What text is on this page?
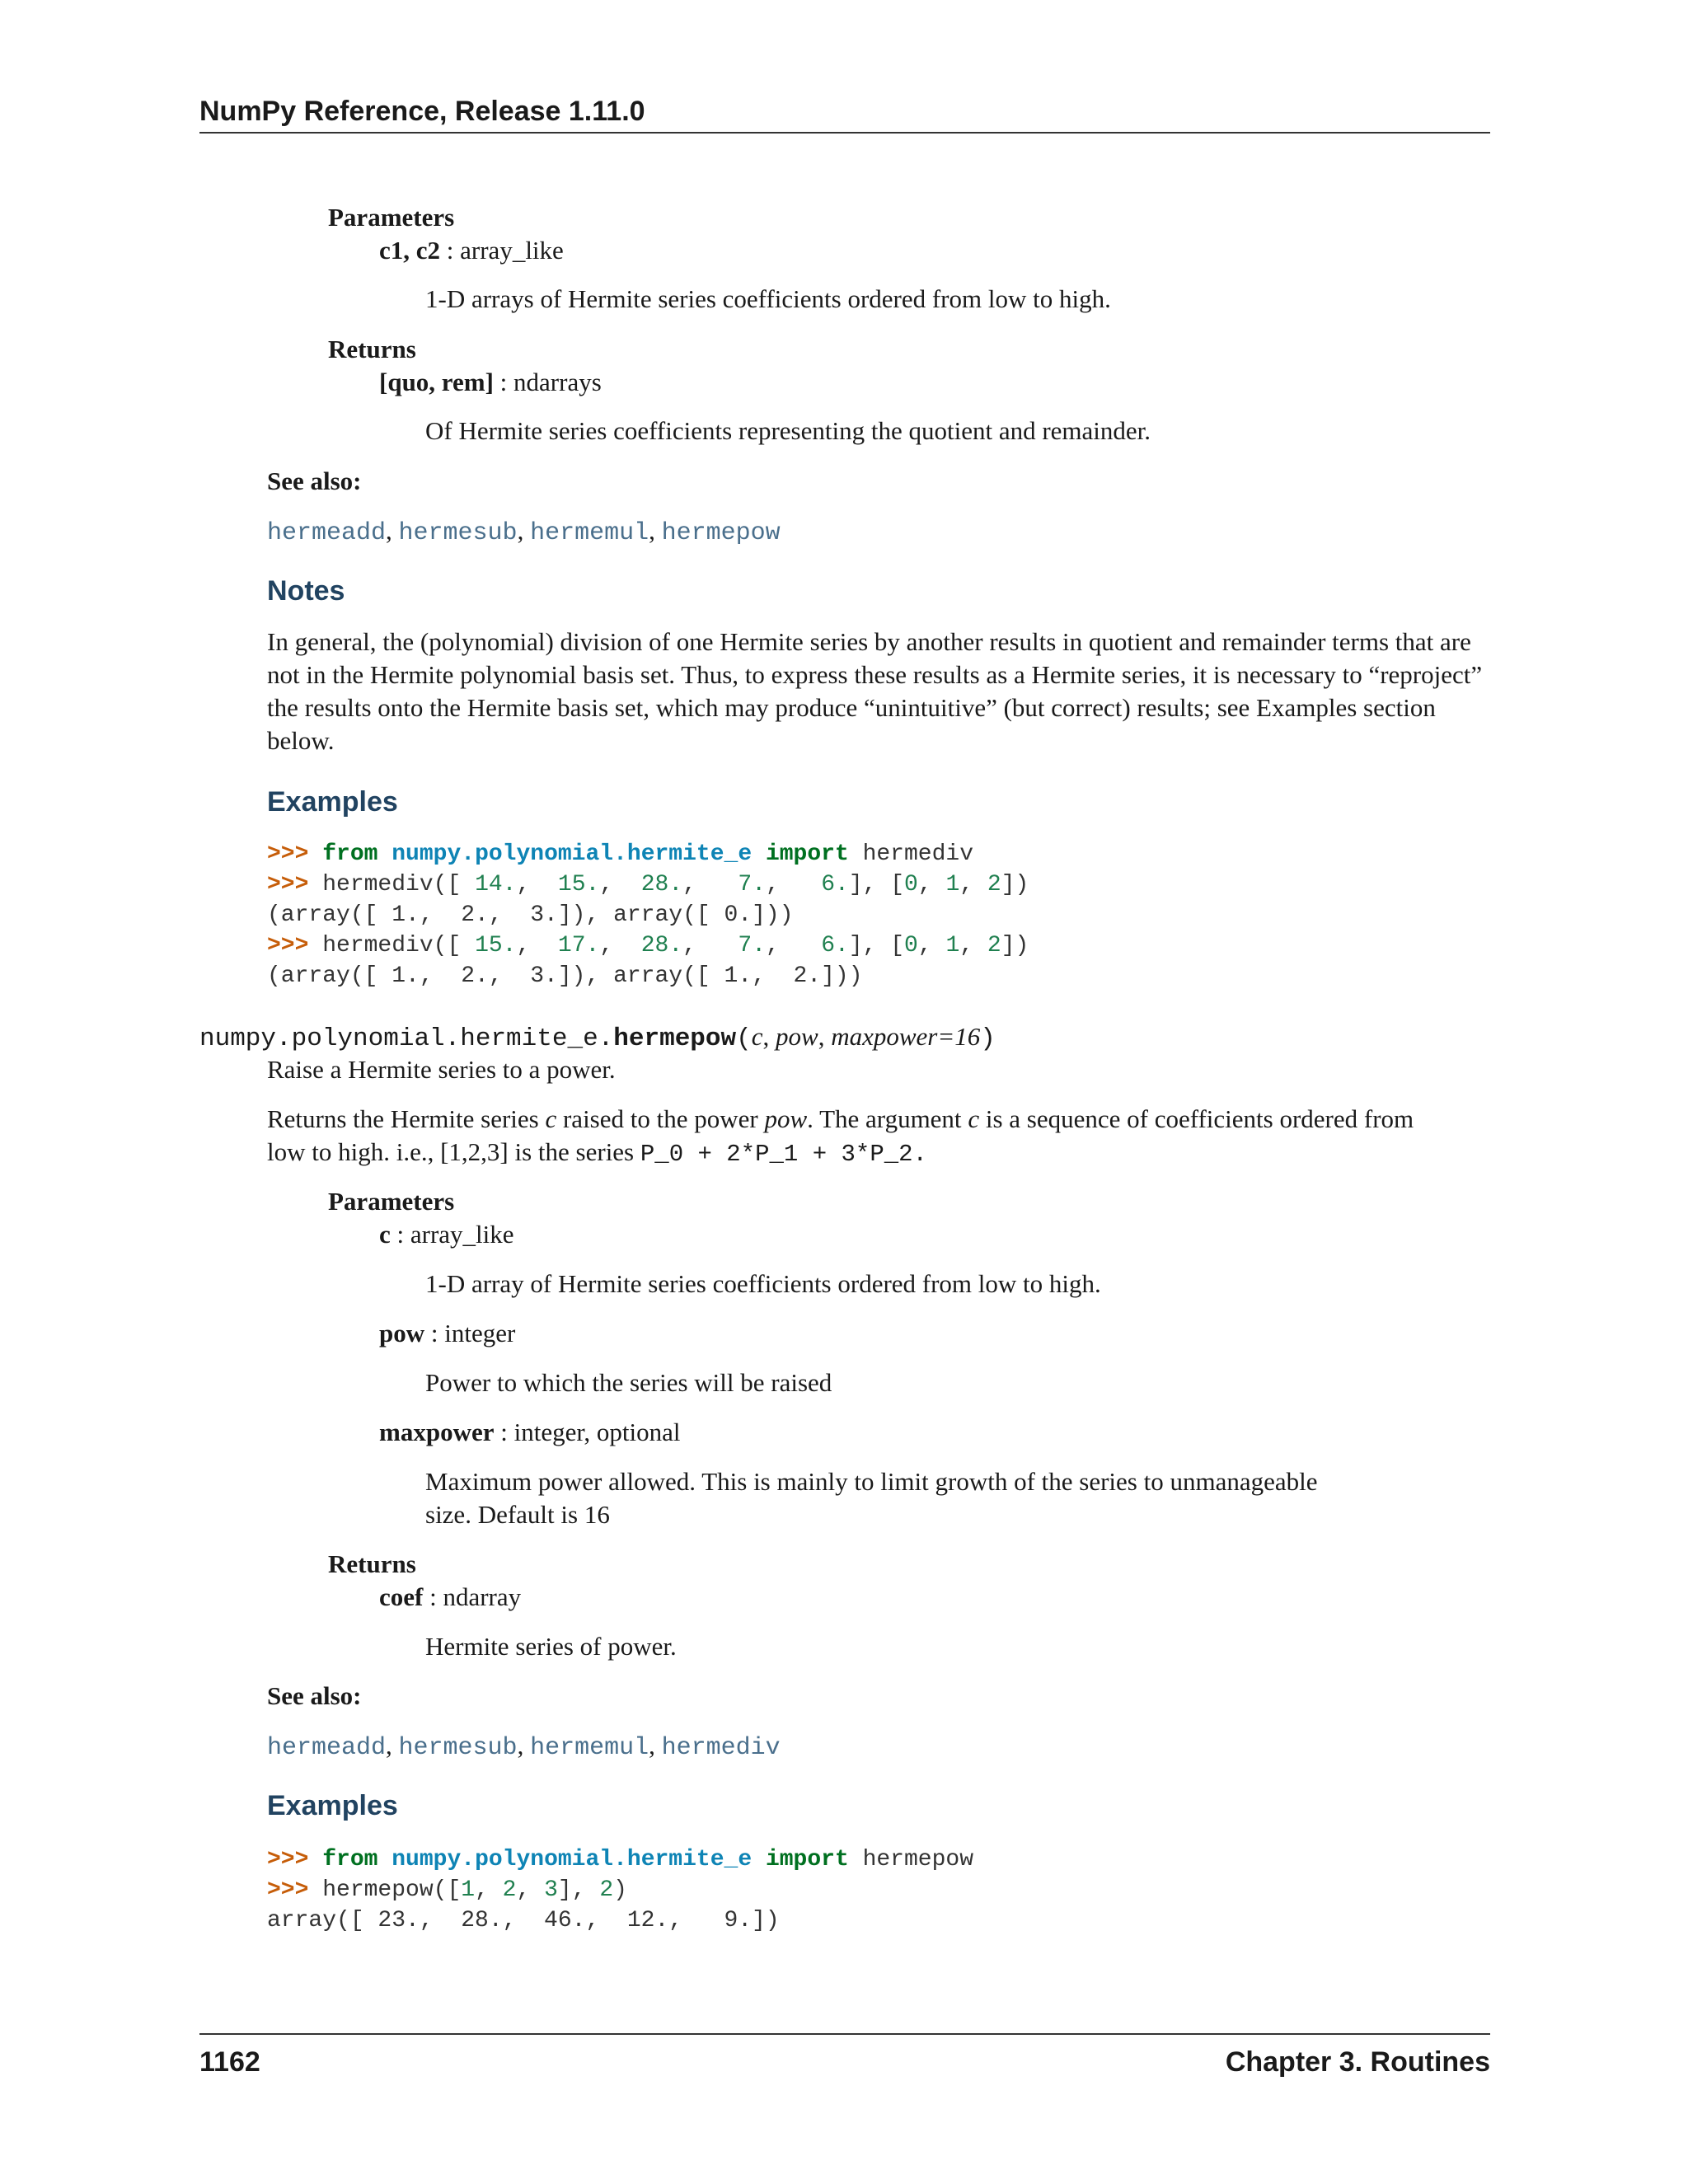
NumPy Reference, Release 1.11.0
Parameters
c1, c2 : array_like
1-D arrays of Hermite series coefficients ordered from low to high.
Returns
[quo, rem] : ndarrays
Of Hermite series coefficients representing the quotient and remainder.
See also:
hermeadd, hermesub, hermemul, hermepow
Notes
In general, the (polynomial) division of one Hermite series by another results in quotient and remainder terms that are not in the Hermite polynomial basis set. Thus, to express these results as a Hermite series, it is necessary to “reproject” the results onto the Hermite basis set, which may produce “unintuitive” (but correct) results; see Examples section below.
Examples
>>> from numpy.polynomial.hermite_e import hermediv
>>> hermediv([ 14.,  15.,  28.,   7.,   6.], [0, 1, 2])
(array([ 1.,  2.,  3.]), array([ 0.]))
>>> hermediv([ 15.,  17.,  28.,   7.,   6.], [0, 1, 2])
(array([ 1.,  2.,  3.]), array([ 1.,  2.]))
numpy.polynomial.hermite_e.hermepow(c, pow, maxpower=16)
Raise a Hermite series to a power.
Returns the Hermite series c raised to the power pow. The argument c is a sequence of coefficients ordered from
low to high. i.e., [1,2,3] is the series P_0 + 2*P_1 + 3*P_2.
Parameters
c : array_like
1-D array of Hermite series coefficients ordered from low to high.
pow : integer
Power to which the series will be raised
maxpower : integer, optional
Maximum power allowed. This is mainly to limit growth of the series to unmanageable
size. Default is 16
Returns
coef : ndarray
Hermite series of power.
See also:
hermeadd, hermesub, hermemul, hermediv
Examples
>>> from numpy.polynomial.hermite_e import hermepow
>>> hermepow([1, 2, 3], 2)
array([ 23.,  28.,  46.,  12.,   9.])
1162	Chapter 3. Routines
